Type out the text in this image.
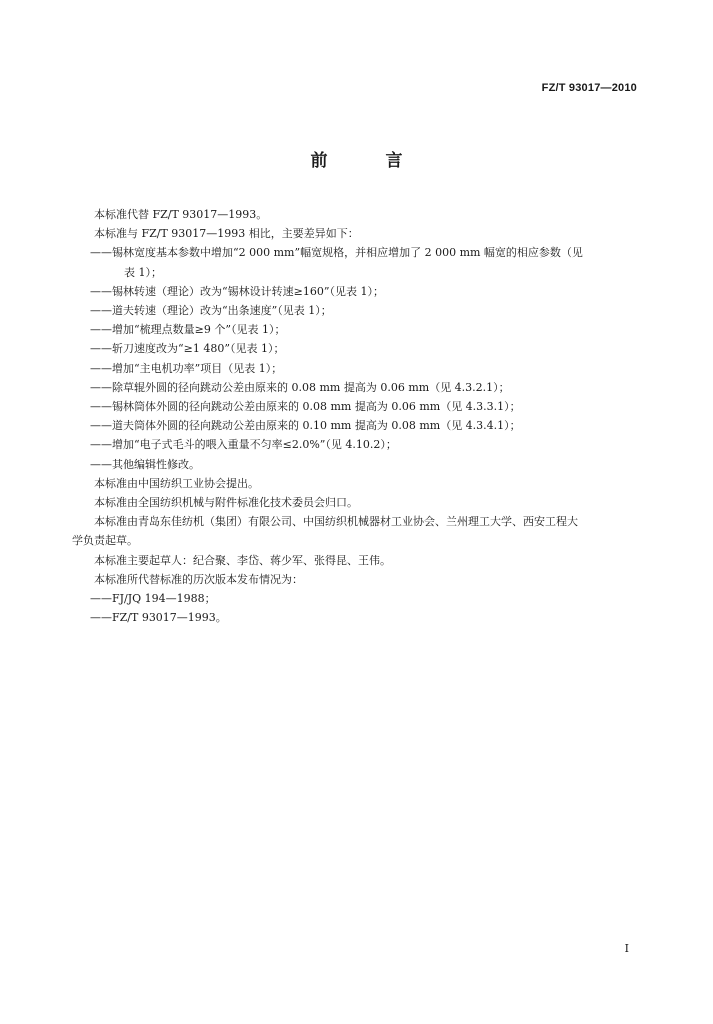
FZ/T 93017—2010
前 言
本标准代替 FZ/T 93017—1993。
本标准与 FZ/T 93017—1993 相比，主要差异如下：
——锡林宽度基本参数中增加“2 000 mm”幅宽规格，并相应增加了 2 000 mm 幅宽的相应参数（见
表 1）；
——锡林转速（理论）改为“锡林设计转速≥160”（见表 1）；
——道夫转速（理论）改为“出条速度”（见表 1）；
——增加“梳理点数量≥9 个”（见表 1）；
——斩刀速度改为“≥1 480”（见表 1）；
——增加“主电机功率”项目（见表 1）；
——除草辊外圆的径向跳动公差由原来的 0.08 mm 提高为 0.06 mm（见 4.3.2.1）；
——锡林筒体外圆的径向跳动公差由原来的 0.08 mm 提高为 0.06 mm（见 4.3.3.1）；
——道夫筒体外圆的径向跳动公差由原来的 0.10 mm 提高为 0.08 mm（见 4.3.4.1）；
——增加“电子式毛斗的喂入重量不匀率≤2.0%”（见 4.10.2）；
——其他编辑性修改。
本标准由中国纺织工业协会提出。
本标准由全国纺织机械与附件标准化技术委员会归口。
本标准由青岛东佳纺机（集团）有限公司、中国纺织机械器材工业协会、兰州理工大学、西安工程大
学负责起草。
本标准主要起草人：纪合聚、李岱、蒋少军、张得昆、王伟。
本标准所代替标准的历次版本发布情况为：
——FJ/JQ 194—1988；
——FZ/T 93017—1993。
I
